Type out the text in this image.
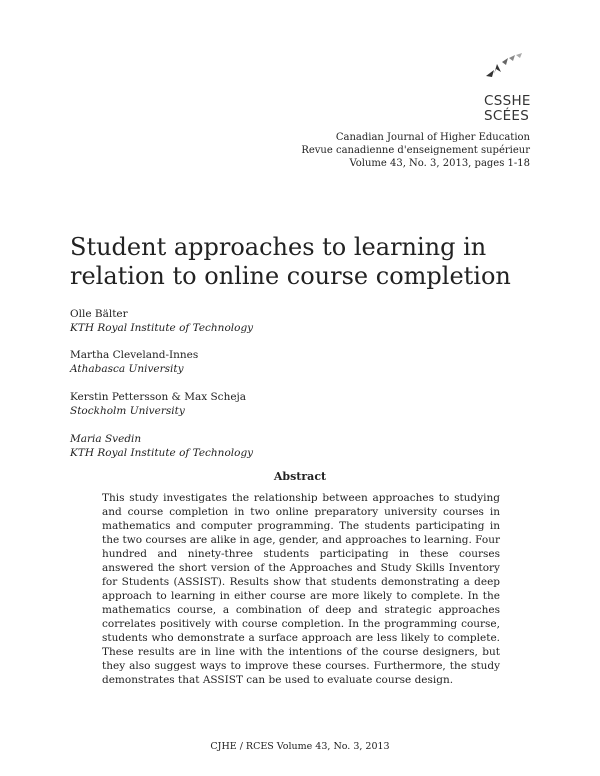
CSSHE
SCÉES
Canadian Journal of Higher Education
Revue canadienne d'enseignement supérieur
Volume 43, No. 3, 2013, pages 1-18
Student approaches to learning in relation to online course completion
Olle Bälter
KTH Royal Institute of Technology
Martha Cleveland-Innes
Athabasca University
Kerstin Pettersson & Max Scheja
Stockholm University
Maria Svedin
KTH Royal Institute of Technology
Abstract

This study investigates the relationship between approaches to studying and course completion in two online preparatory university courses in mathematics and computer programming. The students participating in the two courses are alike in age, gender, and approaches to learning. Four hundred and ninety-three students participating in these courses answered the short version of the Approaches and Study Skills Inventory for Students (ASSIST). Results show that students demonstrating a deep approach to learning in either course are more likely to complete. In the mathematics course, a combination of deep and strategic approaches correlates positively with course completion. In the programming course, students who demonstrate a surface approach are less likely to complete. These results are in line with the intentions of the course designers, but they also suggest ways to improve these courses. Furthermore, the study demonstrates that ASSIST can be used to evaluate course design.

CJHE / RCES Volume 43, No. 3, 2013
